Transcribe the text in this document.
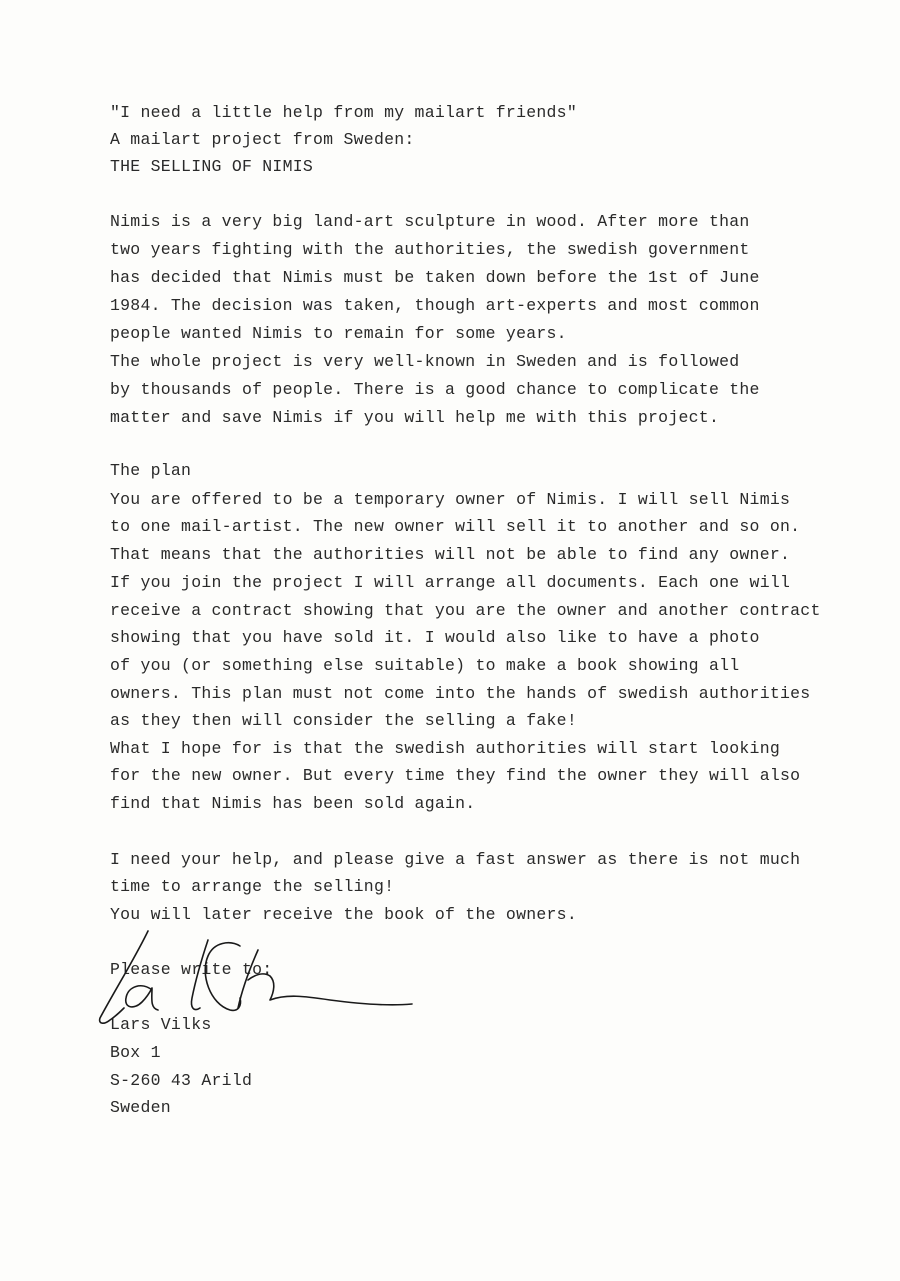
"I need a little help from my mailart friends"
A mailart project from Sweden:
THE SELLING OF NIMIS
Nimis is a very big land-art sculpture in wood. After more than
two years fighting with the authorities, the swedish government
has decided that Nimis must be taken down before the 1st of June
1984. The decision was taken, though art-experts and most common
people wanted Nimis to remain for some years.
The whole project is very well-known in Sweden and is followed
by thousands of people. There is a good chance to complicate the
matter and save Nimis if you will help me with this project.
The plan
You are offered to be a temporary owner of Nimis. I will sell Nimis
to one mail-artist. The new owner will sell it to another and so on.
That means that the authorities will not be able to find any owner.
If you join the project I will arrange all documents. Each one will
receive a contract showing that you are the owner and another contract
showing that you have sold it. I would also like to have a photo
of you (or something else suitable) to make a book showing all
owners. This plan must not come into the hands of swedish authorities
as they then will consider the selling a fake!
What I hope for is that the swedish authorities will start looking
for the new owner. But every time they find the owner they will also
find that Nimis has been sold again.
I need your help, and please give a fast answer as there is not much
time to arrange the selling!
You will later receive the book of the owners.
Please write to:
Lars Vilks
Box 1
S-260 43 Arild
Sweden
